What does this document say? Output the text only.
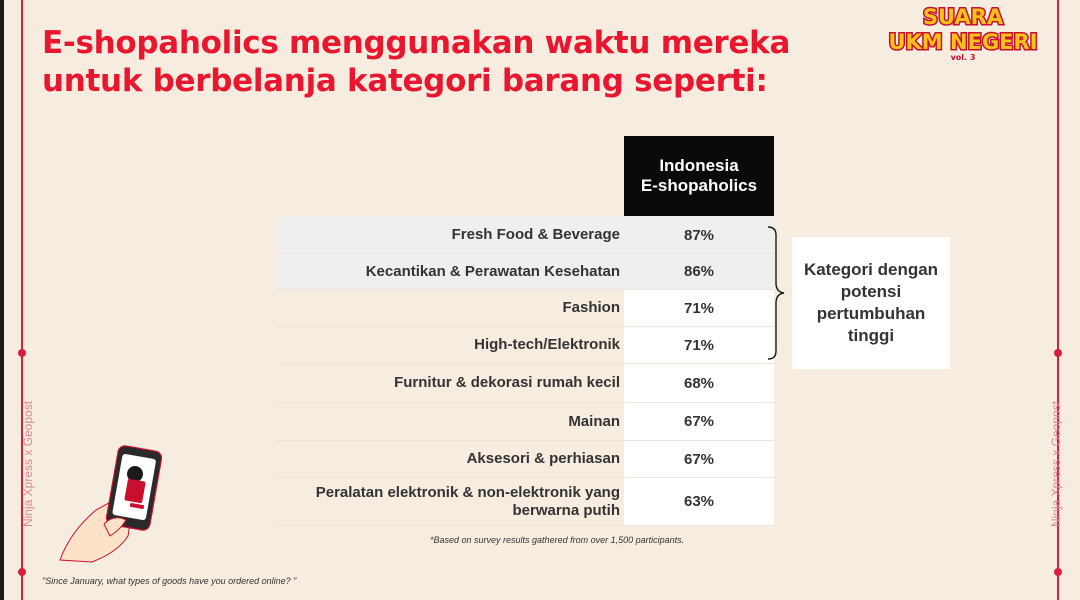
Ninja Xpress x Geopost	Ninja Xpress x Geopost
E-shopaholics menggunakan waktu mereka untuk berbelanja kategori barang seperti:
SUARA
UKM NEGERI
vol. 3
Indonesia
E-shopaholics
Fresh Food & Beverage	87%
Kecantikan & Perawatan Kesehatan	86%
Fashion	71%
High-tech/Elektronik	71%
Furnitur & dekorasi rumah kecil	68%
Mainan	67%
Aksesori & perhiasan	67%
Peralatan elektronik & non-elektronik yang berwarna putih	63%
Kategori dengan potensi pertumbuhan tinggi
*Based on survey results gathered from over 1,500 participants.
"Since January, what types of goods have you ordered online? "
